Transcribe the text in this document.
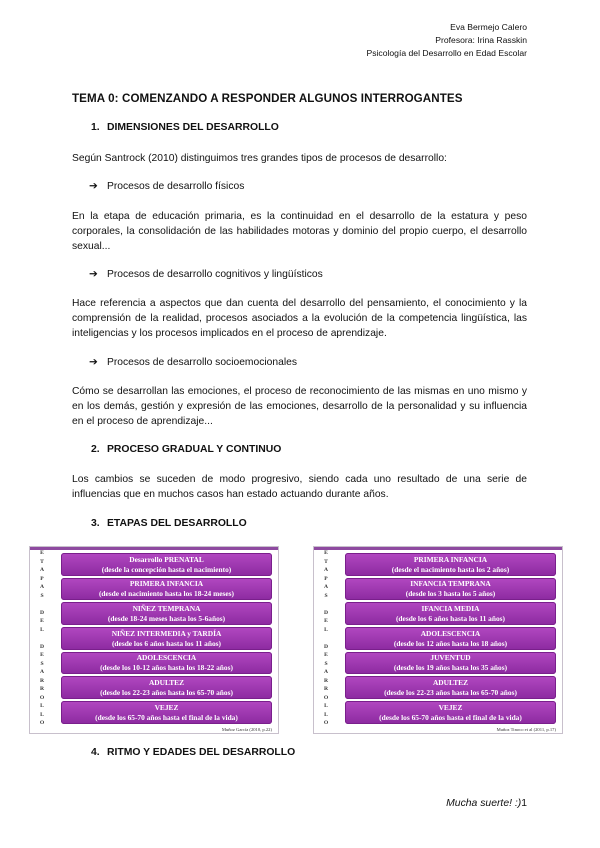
Eva Bermejo Calero
Profesora: Irina Rasskin
Psicología del Desarrollo en Edad Escolar
TEMA 0: COMENZANDO A RESPONDER ALGUNOS INTERROGANTES
1. DIMENSIONES DEL DESARROLLO
Según Santrock (2010) distinguimos tres grandes tipos de procesos de desarrollo:
➔ Procesos de desarrollo físicos
En la etapa de educación primaria, es la continuidad en el desarrollo de la estatura y peso corporales, la consolidación de las habilidades motoras y dominio del propio cuerpo, el desarrollo sexual...
➔ Procesos de desarrollo cognitivos y lingüísticos
Hace referencia a aspectos que dan cuenta del desarrollo del pensamiento, el conocimiento y la comprensión de la realidad, procesos asociados a la evolución de la competencia lingüística, las inteligencias y los procesos implicados en el proceso de aprendizaje.
➔ Procesos de desarrollo socioemocionales
Cómo se desarrollan las emociones, el proceso de reconocimiento de las mismas en uno mismo y en los demás, gestión y expresión de las emociones, desarrollo de la personalidad y su influencia en el proceso de aprendizaje...
2. PROCESO GRADUAL Y CONTINUO
Los cambios se suceden de modo progresivo, siendo cada uno resultado de una serie de influencias que en muchos casos han estado actuando durante años.
3. ETAPAS DEL DESARROLLO
E
T
A
P
A
S
D
E
L
D
E
S
A
R
R
O
L
L
O
Desarrollo PRENATAL
(desde la concepción hasta el nacimiento)
PRIMERA INFANCIA
(desde el nacimiento hasta los 18-24 meses)
NIÑEZ TEMPRANA
(desde 18-24 meses hasta los 5-6años)
NIÑEZ INTERMEDIA y TARDÍA
(desde los 6 años hasta los 11 años)
ADOLESCENCIA
(desde los 10-12 años hasta los 18-22 años)
ADULTEZ
(desde los 22-23 años hasta los 65-70 años)
VEJEZ
(desde los 65-70 años hasta el final de la vida)
Muñoz García (2010, p.22)
E
T
A
P
A
S
D
E
L
D
E
S
A
R
R
O
L
L
O
PRIMERA INFANCIA
(desde el nacimiento hasta los 2 años)
INFANCIA TEMPRANA
(desde los 3 hasta los 5 años)
IFANCIA MEDIA
(desde los 6 años hasta los 11 años)
ADOLESCENCIA
(desde los 12 años hasta los 18 años)
JUVENTUD
(desde los 19 años hasta los 35 años)
ADULTEZ
(desde los 22-23 años hasta los 65-70 años)
VEJEZ
(desde los 65-70 años hasta el final de la vida)
Muñoz Tinoco et al (2011, p.17)
4. RITMO Y EDADES DEL DESARROLLO
Mucha suerte! :)1
